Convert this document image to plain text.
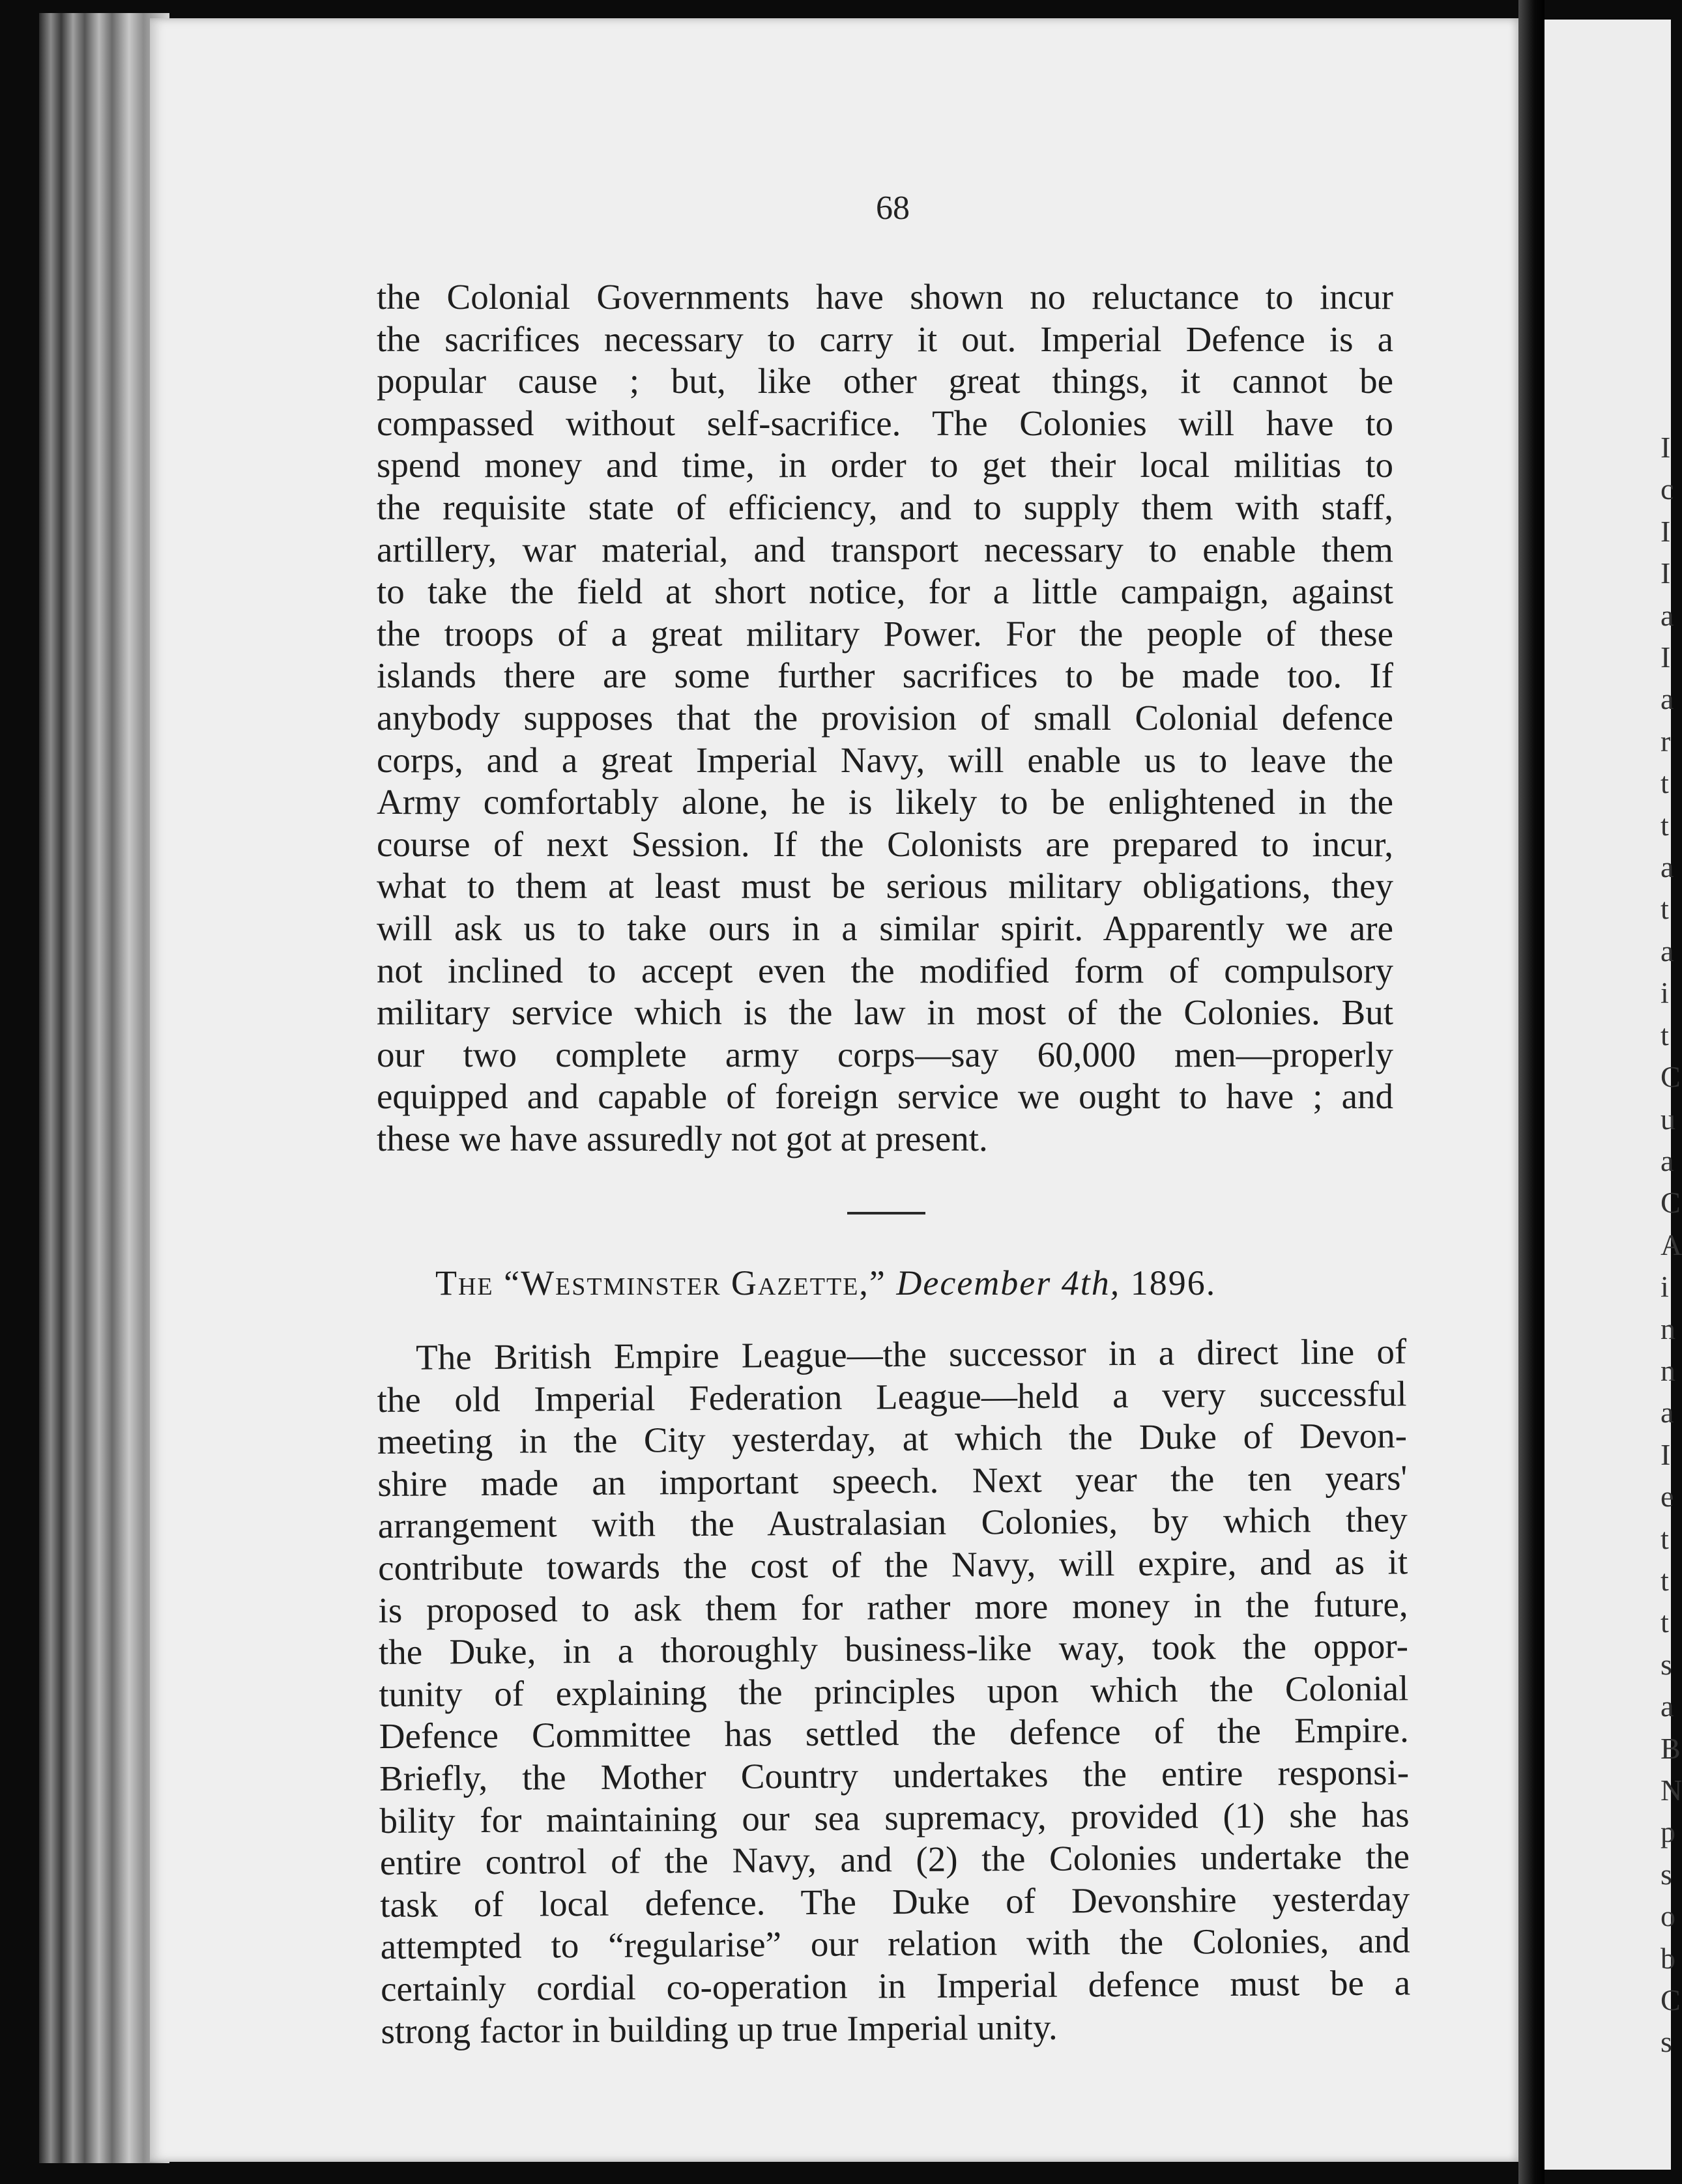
I
c
I
I
a
I
a
r
t
t
a
t
a
i
t
C
u
a
C
A
i
n
n
a
I
e
t
t
t
s
a
B
N
p
s
o
b
C
s
68
the Colonial Governments have shown no reluctance to incur
the sacrifices necessary to carry it out. Imperial Defence is a
popular cause ; but, like other great things, it cannot be
compassed without self-sacrifice. The Colonies will have to
spend money and time, in order to get their local militias to
the requisite state of efficiency, and to supply them with staff,
artillery, war material, and transport necessary to enable them
to take the field at short notice, for a little campaign, against
the troops of a great military Power. For the people of these
islands there are some further sacrifices to be made too. If
anybody supposes that the provision of small Colonial defence
corps, and a great Imperial Navy, will enable us to leave the
Army comfortably alone, he is likely to be enlightened in the
course of next Session. If the Colonists are prepared to incur,
what to them at least must be serious military obligations, they
will ask us to take ours in a similar spirit. Apparently we are
not inclined to accept even the modified form of compulsory
military service which is the law in most of the Colonies. But
our two complete army corps—say 60,000 men—properly
equipped and capable of foreign service we ought to have ; and
these we have assuredly not got at present.
The “Westminster Gazette,” December 4th, 1896.
The British Empire League—the successor in a direct line of
the old Imperial Federation League—held a very successful
meeting in the City yesterday, at which the Duke of Devon-
shire made an important speech. Next year the ten years'
arrangement with the Australasian Colonies, by which they
contribute towards the cost of the Navy, will expire, and as it
is proposed to ask them for rather more money in the future,
the Duke, in a thoroughly business-like way, took the oppor-
tunity of explaining the principles upon which the Colonial
Defence Committee has settled the defence of the Empire.
Briefly, the Mother Country undertakes the entire responsi-
bility for maintaining our sea supremacy, provided (1) she has
entire control of the Navy, and (2) the Colonies undertake the
task of local defence. The Duke of Devonshire yesterday
attempted to “regularise” our relation with the Colonies, and
certainly cordial co-operation in Imperial defence must be a
strong factor in building up true Imperial unity.
